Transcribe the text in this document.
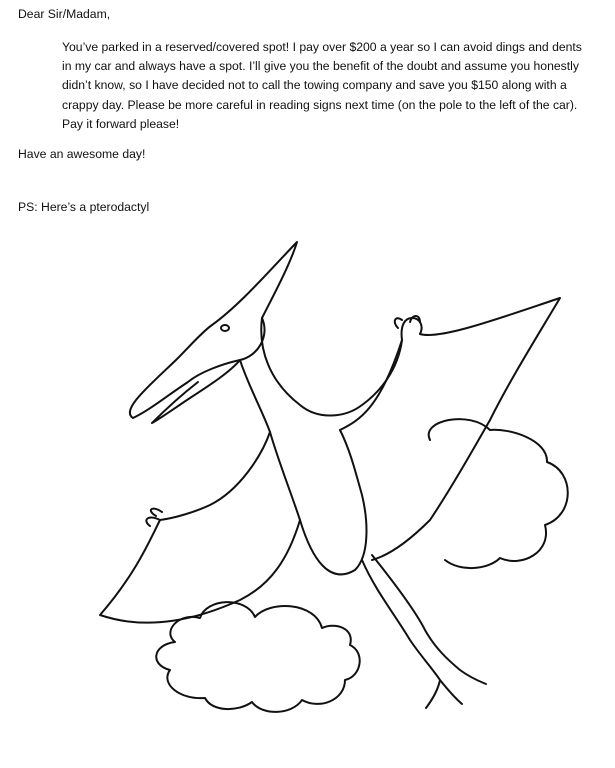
Dear Sir/Madam,
You’ve parked in a reserved/covered spot! I pay over $200 a year so I can avoid dings and dents
in my car and always have a spot. I’ll give you the benefit of the doubt and assume you honestly
didn’t know, so I have decided not to call the towing company and save you $150 along with a
crappy day. Please be more careful in reading signs next time (on the pole to the left of the car).
Pay it forward please!
Have an awesome day!
PS: Here’s a pterodactyl
